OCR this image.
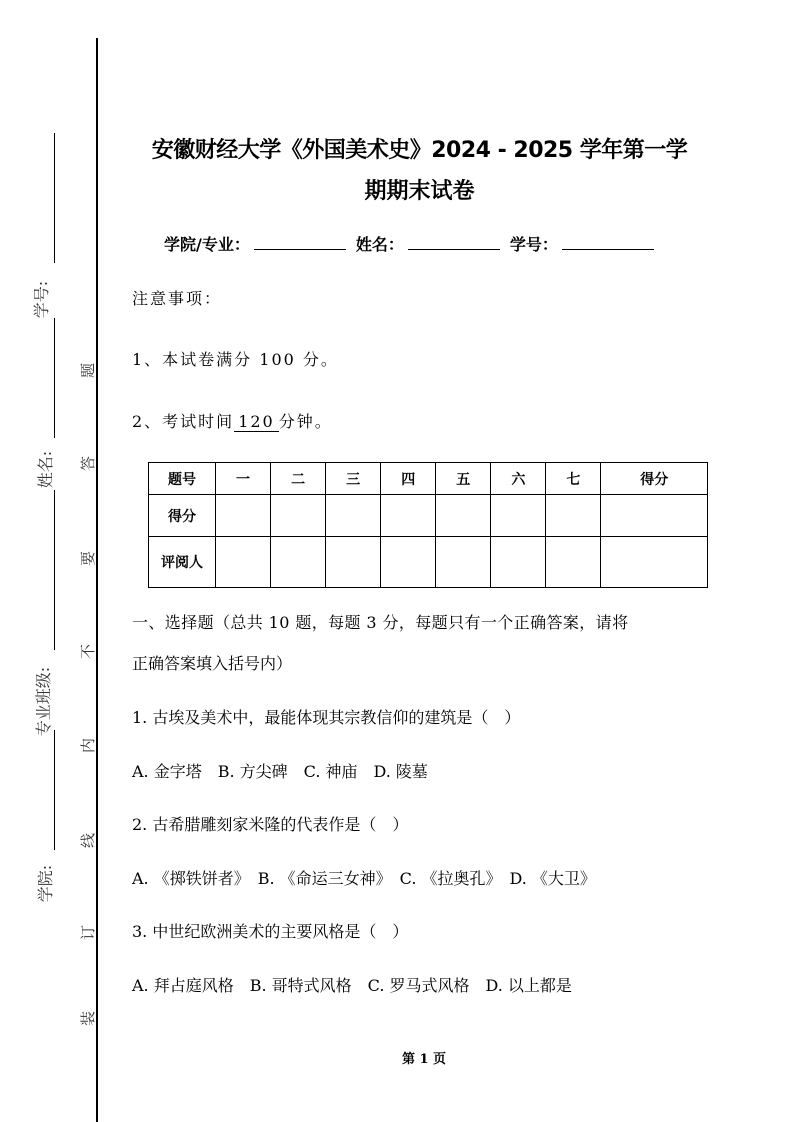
学号:
姓名:
专业班级:
学院:
题
答
要
不
内
线
订
装
安徽财经大学《外国美术史》2024 - 2025 学年第一学
期期末试卷
学院/专业：	姓名：	学号：
注意事项：
1、本试卷满分 100 分。
2、考试时间 120 分钟。
题号	一	二	三	四	五	六	七	得分
得分								
评阅人								
一、选择题（总共 10 题，每题 3 分，每题只有一个正确答案，请将
正确答案填入括号内）
1. 古埃及美术中，最能体现其宗教信仰的建筑是（　）
A. 金字塔　B. 方尖碑　C. 神庙　D. 陵墓
2. 古希腊雕刻家米隆的代表作是（　）
A. 《掷铁饼者》　B. 《命运三女神》　C. 《拉奥孔》　D. 《大卫》
3. 中世纪欧洲美术的主要风格是（　）
A. 拜占庭风格　B. 哥特式风格　C. 罗马式风格　D. 以上都是
第 1 页
